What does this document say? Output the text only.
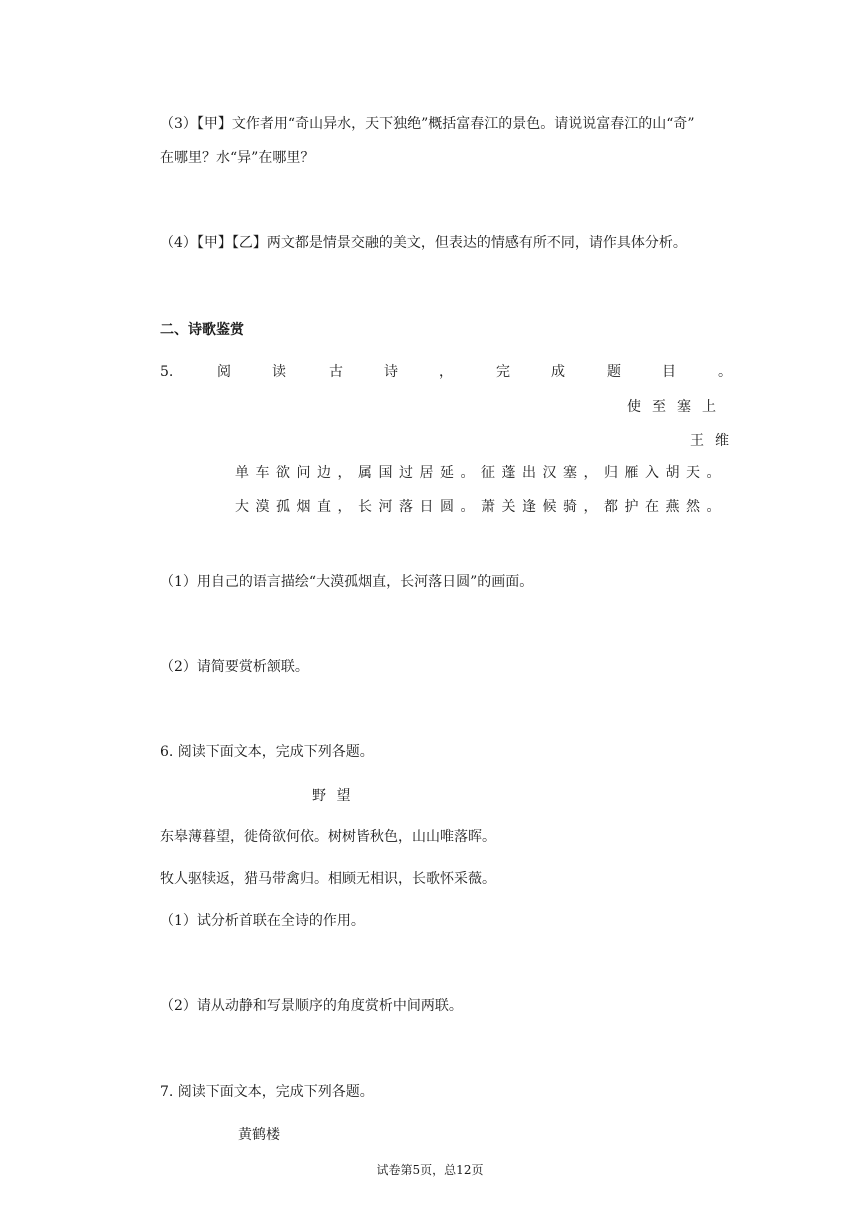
（3）【甲】文作者用“奇山异水，天下独绝”概括富春江的景色。请说说富春江的山“奇”
在哪里？水“异”在哪里？
（4）【甲】【乙】两文都是情景交融的美文，但表达的情感有所不同，请作具体分析。
二、诗歌鉴赏
5.	阅	读	古	诗	，	完	成	题	目	。
使至塞上
王维
单车欲问边，属国过居延。征蓬出汉塞，归雁入胡天。
大漠孤烟直，长河落日圆。萧关逢候骑，都护在燕然。
（1）用自己的语言描绘“大漠孤烟直，长河落日圆”的画面。
（2）请简要赏析颔联。
6. 阅读下面文本，完成下列各题。
野 望
东皋薄暮望，徙倚欲何依。树树皆秋色，山山唯落晖。
牧人驱犊返，猎马带禽归。相顾无相识，长歌怀采薇。
（1）试分析首联在全诗的作用。
（2）请从动静和写景顺序的角度赏析中间两联。
7. 阅读下面文本，完成下列各题。
黄鹤楼
试卷第5页，总12页
